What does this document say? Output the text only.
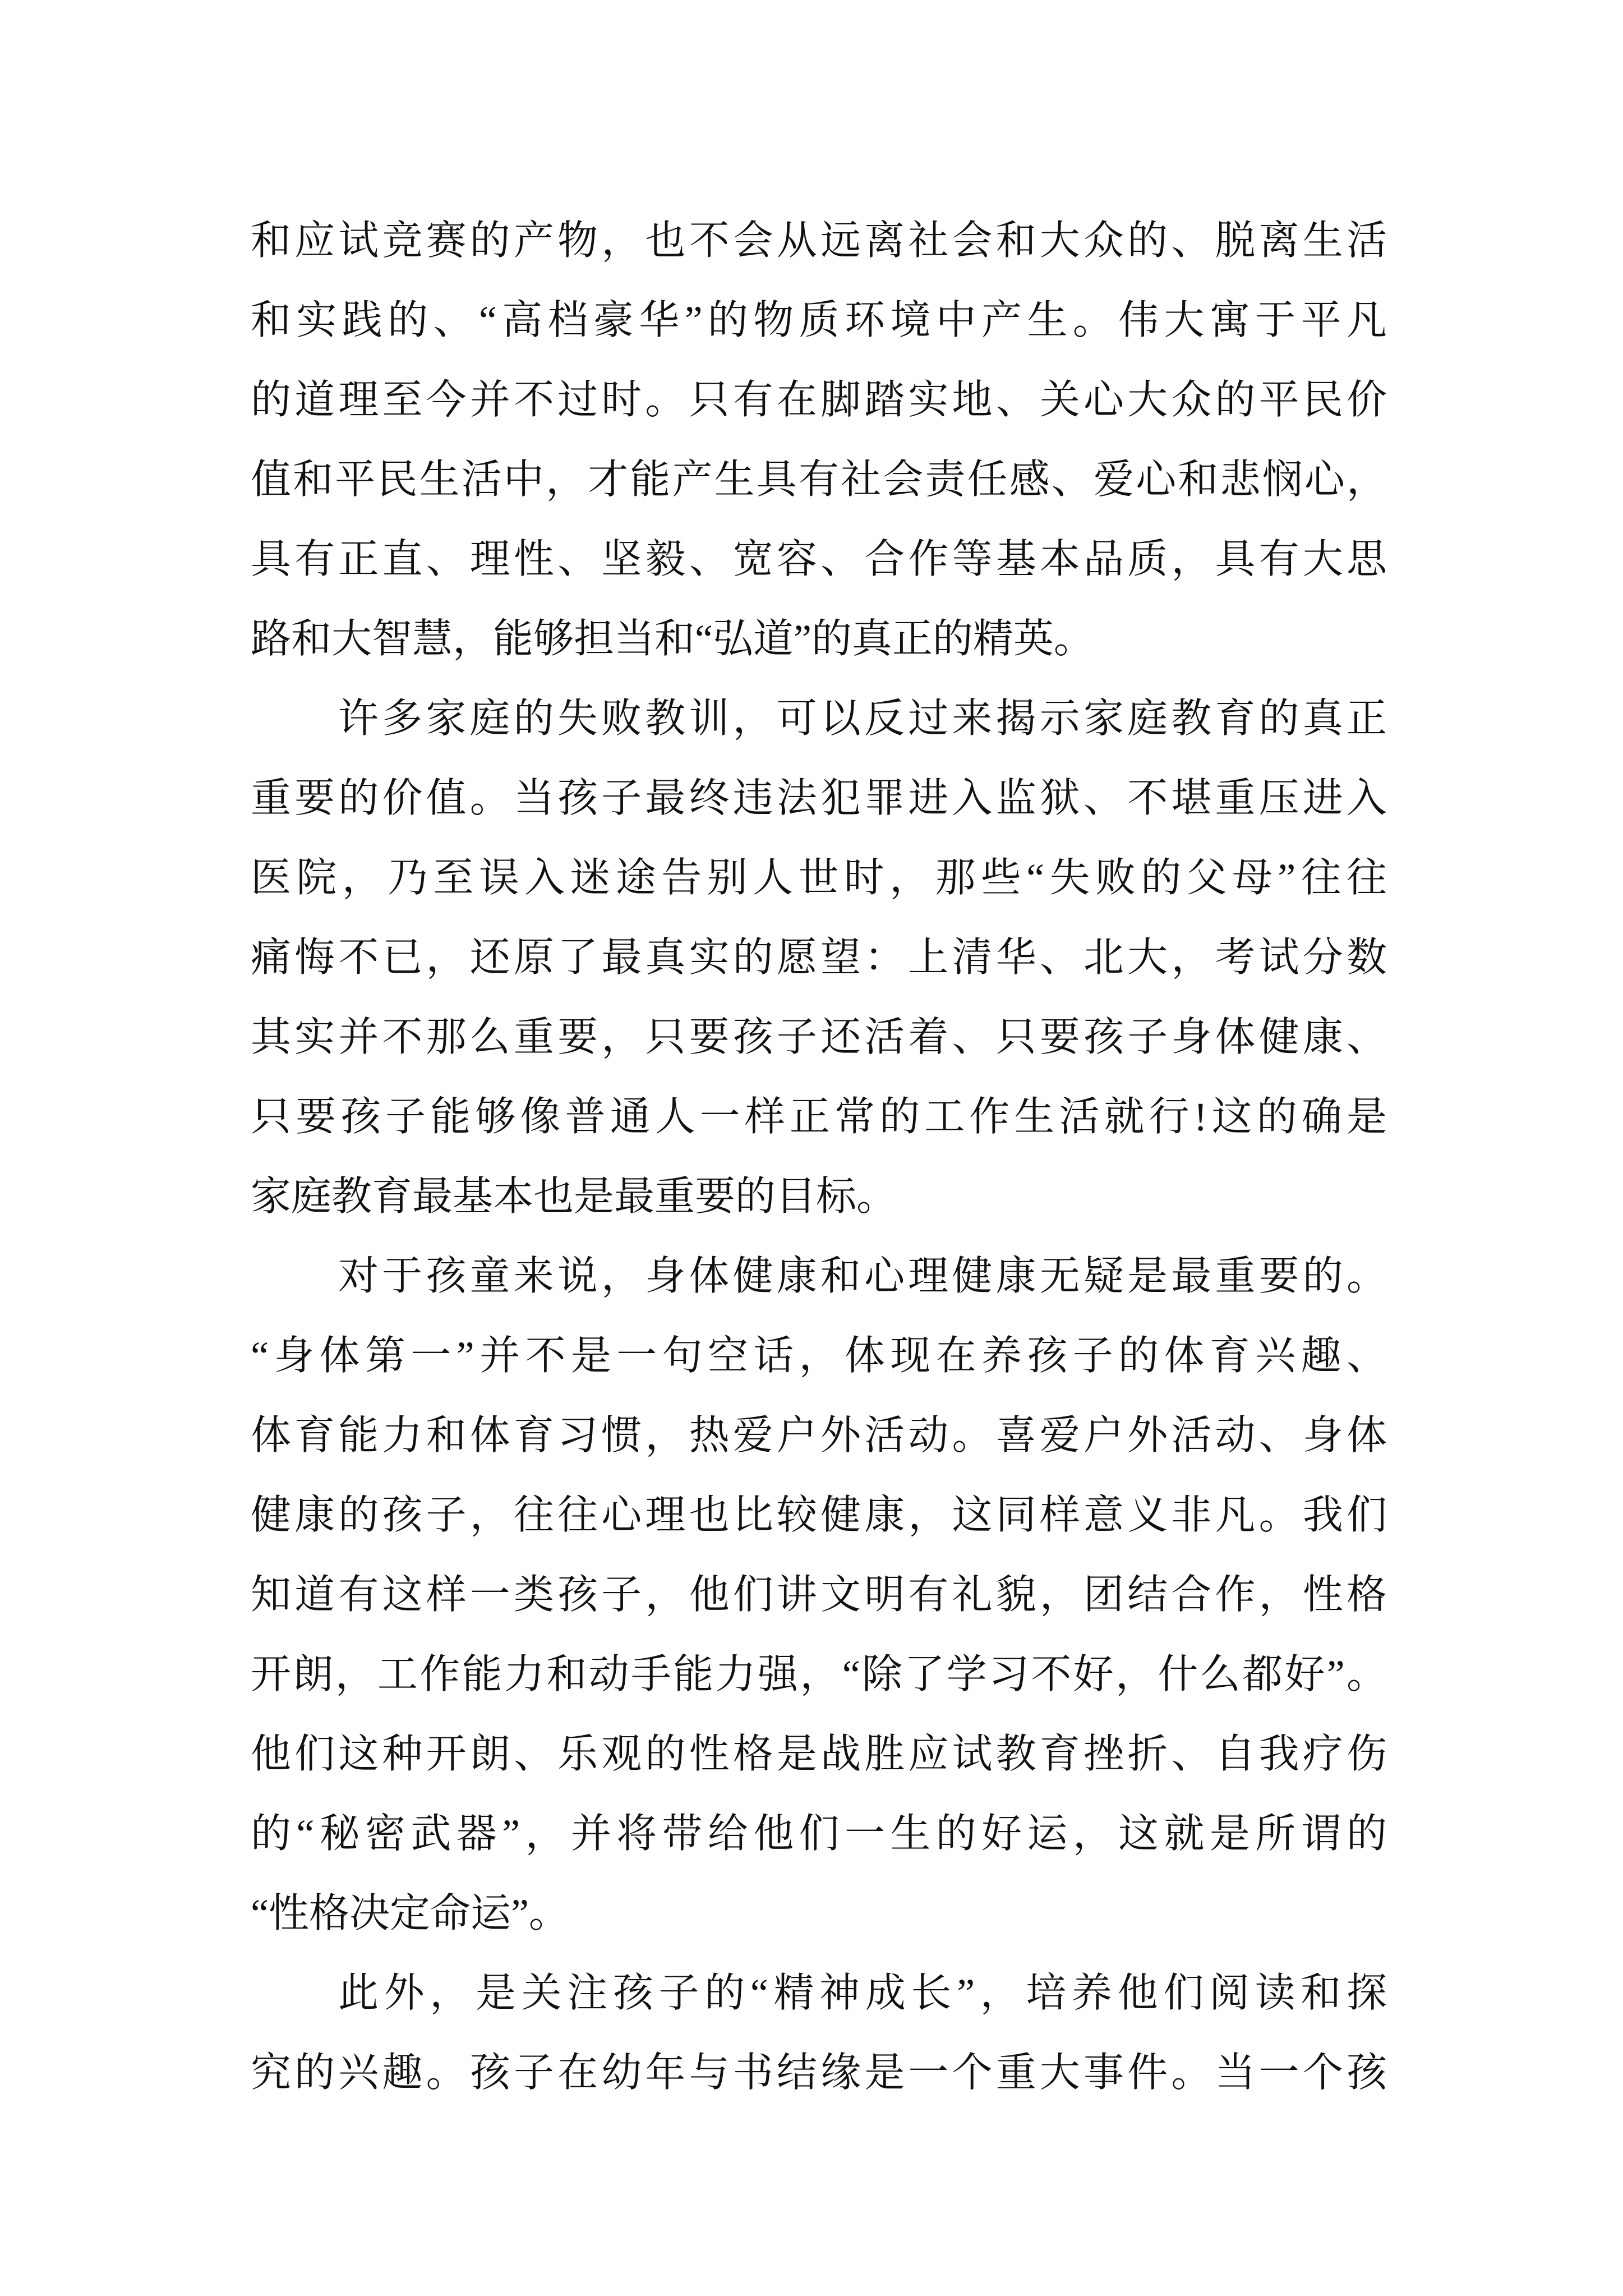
和应试竞赛的产物，也不会从远离社会和大众的、脱离生活
和实践的、“高档豪华”的物质环境中产生。伟大寓于平凡
的道理至今并不过时。只有在脚踏实地、关心大众的平民价
值和平民生活中，才能产生具有社会责任感、爱心和悲悯心，
具有正直、理性、坚毅、宽容、合作等基本品质，具有大思
路和大智慧，能够担当和“弘道”的真正的精英。
许多家庭的失败教训，可以反过来揭示家庭教育的真正
重要的价值。当孩子最终违法犯罪进入监狱、不堪重压进入
医院，乃至误入迷途告别人世时，那些“失败的父母”往往
痛悔不已，还原了最真实的愿望：上清华、北大，考试分数
其实并不那么重要，只要孩子还活着、只要孩子身体健康、
只要孩子能够像普通人一样正常的工作生活就行!这的确是
家庭教育最基本也是最重要的目标。
对于孩童来说，身体健康和心理健康无疑是最重要的。
“身体第一”并不是一句空话，体现在养孩子的体育兴趣、
体育能力和体育习惯，热爱户外活动。喜爱户外活动、身体
健康的孩子，往往心理也比较健康，这同样意义非凡。我们
知道有这样一类孩子，他们讲文明有礼貌，团结合作，性格
开朗，工作能力和动手能力强，“除了学习不好，什么都好”。
他们这种开朗、乐观的性格是战胜应试教育挫折、自我疗伤
的“秘密武器”，并将带给他们一生的好运，这就是所谓的
“性格决定命运”。
此外，是关注孩子的“精神成长”，培养他们阅读和探
究的兴趣。孩子在幼年与书结缘是一个重大事件。当一个孩
